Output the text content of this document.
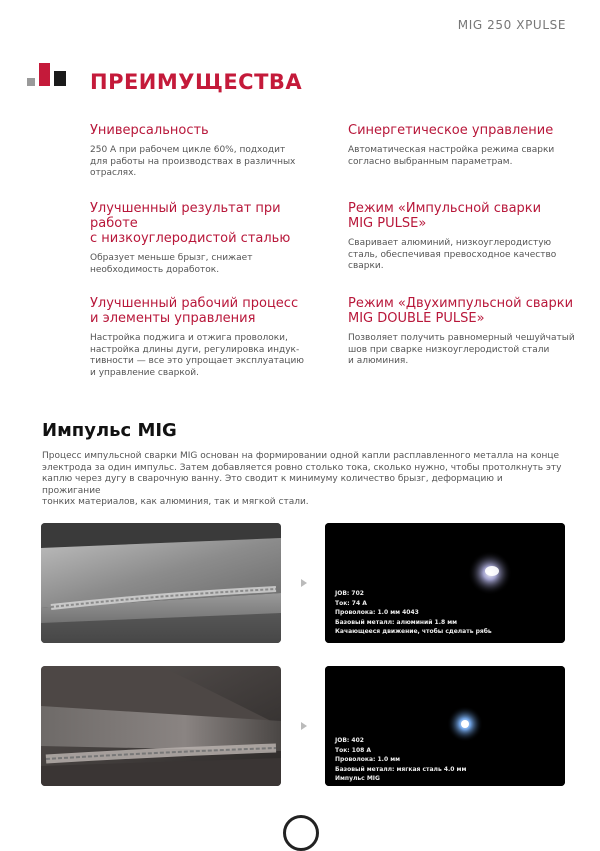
MIG 250 XPULSE
ПРЕИМУЩЕСТВА
Универсальность

250 А при рабочем цикле 60%, подходит
для работы на производствах в различных
отраслях.

Синергетическое управление

Автоматическая настройка режима сварки
согласно выбранным параметрам.

Улучшенный результат при работе
с низкоуглеродистой сталью

Образует меньше брызг, снижает
необходимость доработок.

Режим «Импульсной сварки
MIG PULSE»

Сваривает алюминий, низкоуглеродистую
сталь, обеспечивая превосходное качество
сварки.

Улучшенный рабочий процесс
и элементы управления

Настройка поджига и отжига проволоки,
настройка длины дуги, регулировка индук-
тивности — все это упрощает эксплуатацию
и управление сваркой.

Режим «Двухимпульсной сварки
MIG DOUBLE PULSE»

Позволяет получить равномерный чешуйчатый
шов при сварке низкоуглеродистой стали
и алюминия.

Импульс MIG
Процесс импульсной сварки MIG основан на формировании одной капли расплавленного металла на конце
электрода за один импульс. Затем добавляется ровно столько тока, сколько нужно, чтобы протолкнуть эту
каплю через дугу в сварочную ванну. Это сводит к минимуму количество брызг, деформацию и прожигание
тонких материалов, как алюминия, так и мягкой стали.
JOB: 702
Ток: 74 А
Проволока: 1.0 мм 4043
Базовый металл: алюминий 1.8 мм
Качающееся движение, чтобы сделать рябь
JOB: 402
Ток: 108 А
Проволока: 1.0 мм
Базовый металл: мягкая сталь 4.0 мм
Импульс MIG
